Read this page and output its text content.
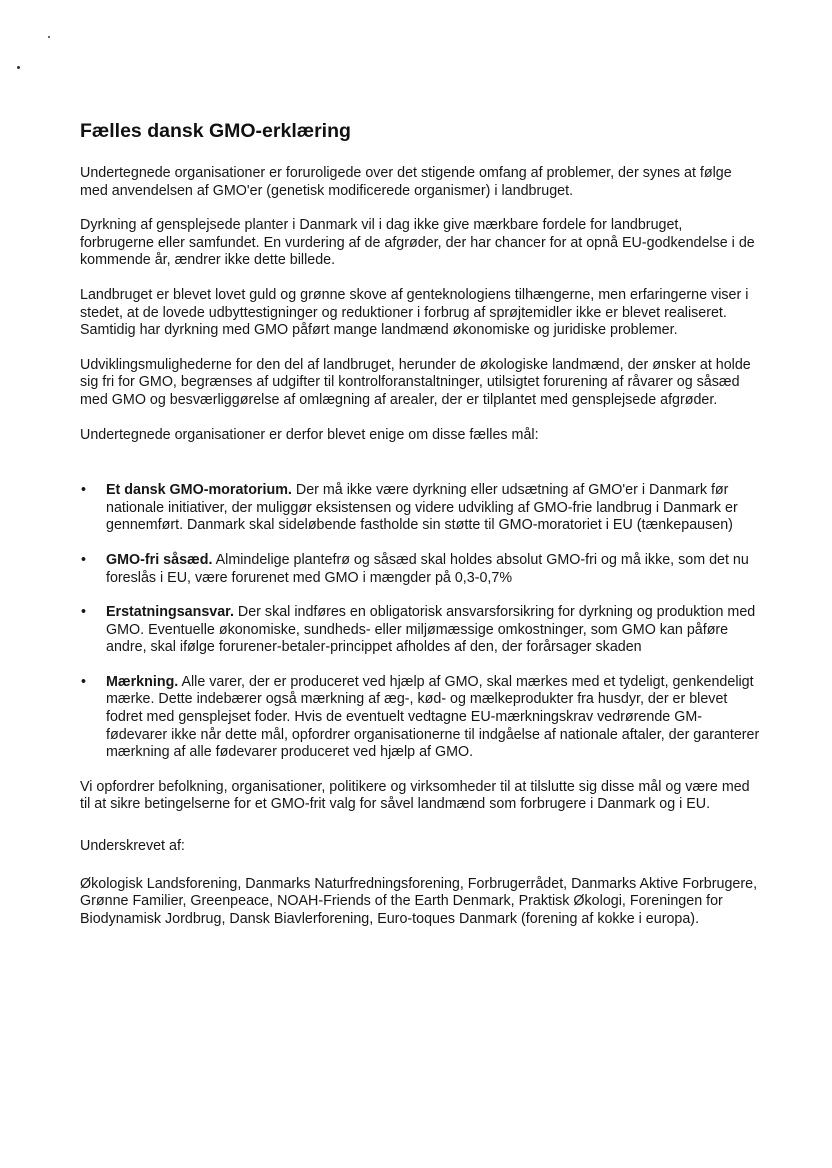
Fælles dansk GMO-erklæring

Undertegnede organisationer er foruroligede over det stigende omfang af problemer, der synes at følge med anvendelsen af GMO'er (genetisk modificerede organismer) i landbruget.

Dyrkning af gensplejsede planter i Danmark vil i dag ikke give mærkbare fordele for landbruget, forbrugerne eller samfundet. En vurdering af de afgrøder, der har chancer for at opnå EU-godkendelse i de kommende år, ændrer ikke dette billede.

Landbruget er blevet lovet guld og grønne skove af genteknologiens tilhængerne, men erfaringerne viser i stedet, at de lovede udbyttestigninger og reduktioner i forbrug af sprøjtemidler ikke er blevet realiseret. Samtidig har dyrkning med GMO påført mange landmænd økonomiske og juridiske problemer.

Udviklingsmulighederne for den del af landbruget, herunder de økologiske landmænd, der ønsker at holde sig fri for GMO, begrænses af udgifter til kontrolforanstaltninger, utilsigtet forurening af råvarer og såsæd med GMO og besværliggørelse af omlægning af arealer, der er tilplantet med gensplejsede afgrøder.

Undertegnede organisationer er derfor blevet enige om disse fælles mål:

• Et dansk GMO-moratorium. Der må ikke være dyrkning eller udsætning af GMO'er i Danmark før nationale initiativer, der muliggør eksistensen og videre udvikling af GMO-frie landbrug i Danmark er gennemført. Danmark skal sideløbende fastholde sin støtte til GMO-moratoriet i EU (tænkepausen)
• GMO-fri såsæd. Almindelige plantefrø og såsæd skal holdes absolut GMO-fri og må ikke, som det nu foreslås i EU, være forurenet med GMO i mængder på 0,3-0,7%
• Erstatningsansvar. Der skal indføres en obligatorisk ansvarsforsikring for dyrkning og produktion med GMO. Eventuelle økonomiske, sundheds- eller miljømæssige omkostninger, som GMO kan påføre andre, skal ifølge forurener-betaler-princippet afholdes af den, der forårsager skaden
• Mærkning. Alle varer, der er produceret ved hjælp af GMO, skal mærkes med et tydeligt, genkendeligt mærke. Dette indebærer også mærkning af æg-, kød- og mælkeprodukter fra husdyr, der er blevet fodret med gensplejset foder. Hvis de eventuelt vedtagne EU-mærkningskrav vedrørende GM-fødevarer ikke når dette mål, opfordrer organisationerne til indgåelse af nationale aftaler, der garanterer mærkning af alle fødevarer produceret ved hjælp af GMO.

Vi opfordrer befolkning, organisationer, politikere og virksomheder til at tilslutte sig disse mål og være med til at sikre betingelserne for et GMO-frit valg for såvel landmænd som forbrugere i Danmark og i EU.

Underskrevet af:

Økologisk Landsforening, Danmarks Naturfredningsforening, Forbrugerrådet, Danmarks Aktive Forbrugere, Grønne Familier, Greenpeace, NOAH-Friends of the Earth Denmark, Praktisk Økologi, Foreningen for Biodynamisk Jordbrug, Dansk Biavlerforening, Euro-toques Danmark (forening af kokke i europa).
